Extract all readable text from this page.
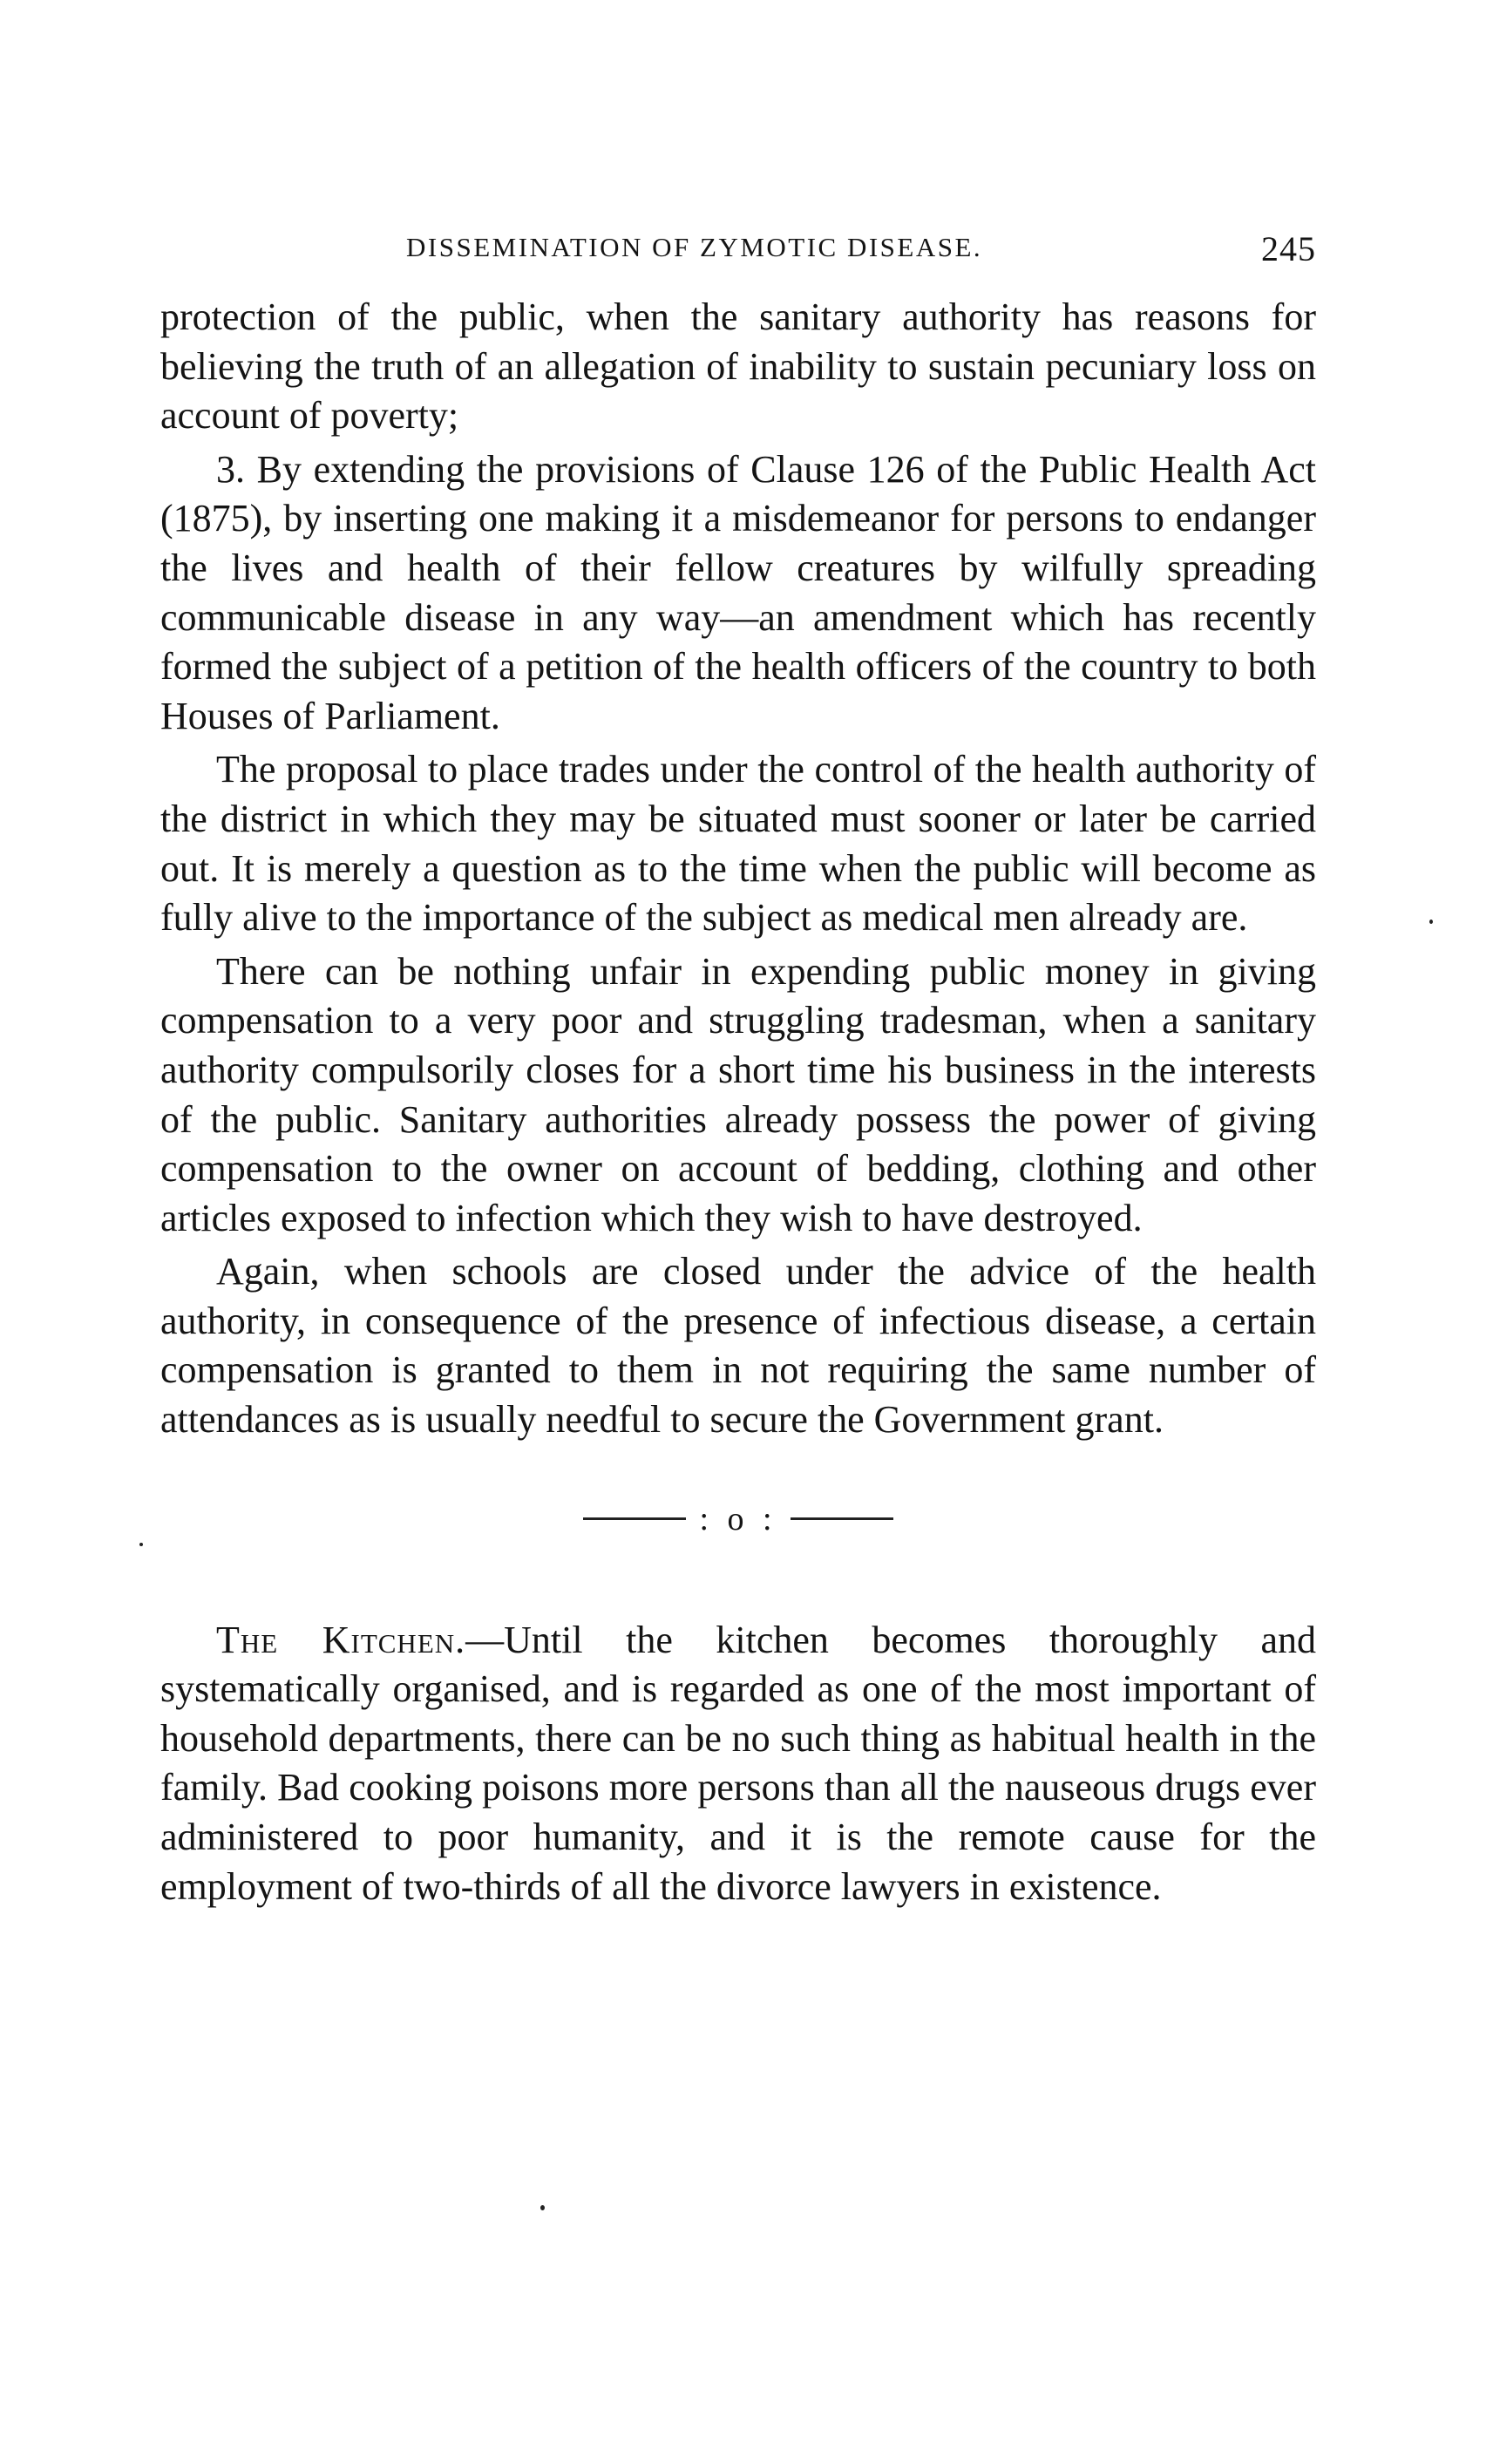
DISSEMINATION OF ZYMOTIC DISEASE.	245

protection of the public, when the sanitary authority has reasons for believing the truth of an allegation of inability to sustain pecuniary loss on account of poverty;

3. By extending the provisions of Clause 126 of the Public Health Act (1875), by inserting one making it a misdemeanor for persons to endanger the lives and health of their fellow creatures by wilfully spreading communicable disease in any way—an amendment which has recently formed the subject of a petition of the health officers of the country to both Houses of Parliament.

The proposal to place trades under the control of the health authority of the district in which they may be situated must sooner or later be carried out. It is merely a question as to the time when the public will become as fully alive to the importance of the subject as medical men already are.

There can be nothing unfair in expending public money in giving compensation to a very poor and struggling tradesman, when a sanitary authority compulsorily closes for a short time his business in the interests of the public. Sanitary authorities already possess the power of giving compensation to the owner on account of bedding, clothing and other articles exposed to infection which they wish to have destroyed.

Again, when schools are closed under the advice of the health authority, in consequence of the presence of infectious disease, a certain compensation is granted to them in not requiring the same number of attendances as is usually needful to secure the Government grant.

: o :

The Kitchen.—Until the kitchen becomes thoroughly and systematically organised, and is regarded as one of the most important of household departments, there can be no such thing as habitual health in the family. Bad cooking poisons more persons than all the nauseous drugs ever administered to poor humanity, and it is the remote cause for the employment of two-thirds of all the divorce lawyers in existence.
